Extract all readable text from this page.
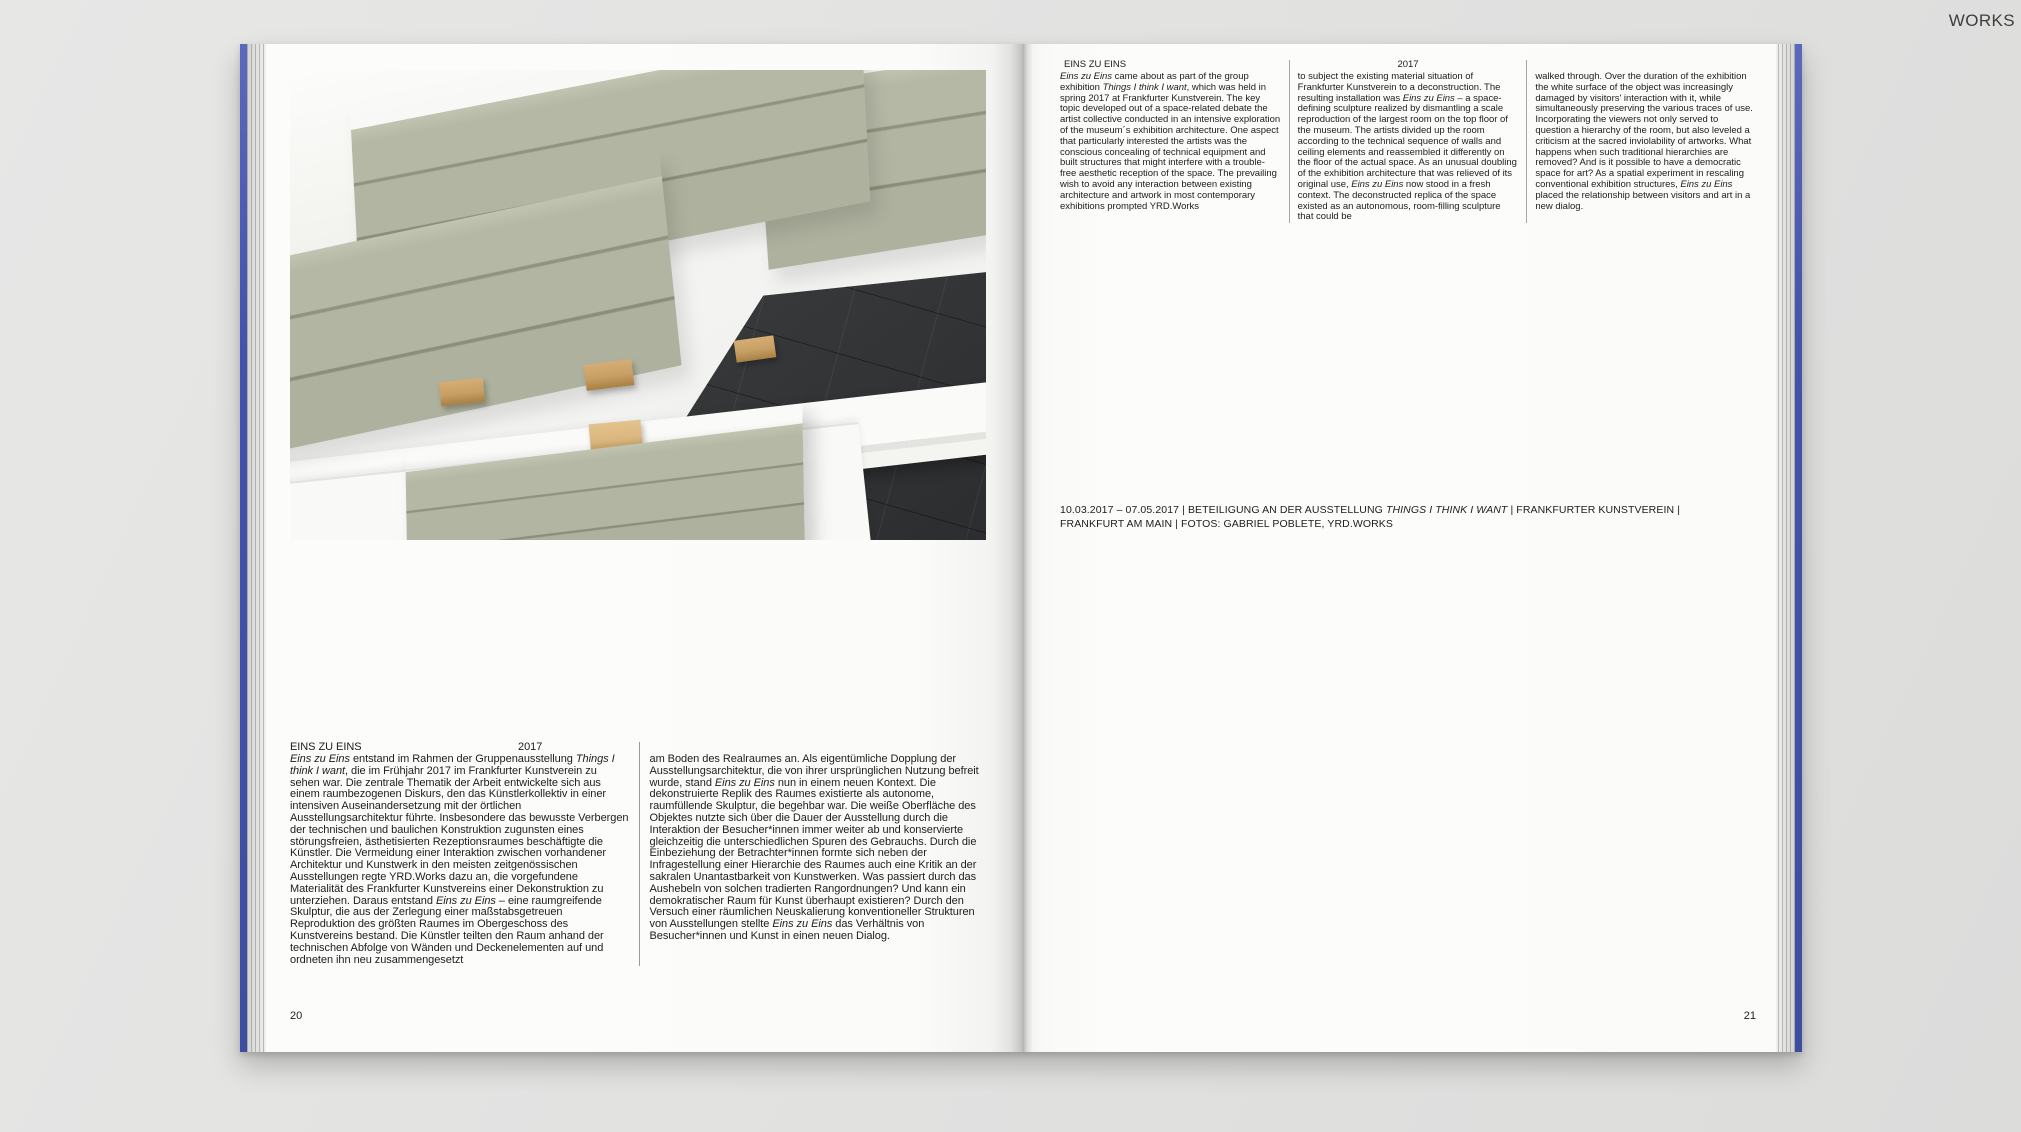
WORKS
EINS ZU EINS	2017
Eins zu Eins entstand im Rahmen der Gruppenausstellung Things I think I want, die im Frühjahr 2017 im Frankfurter Kunstverein zu sehen war. Die zentrale Thematik der Arbeit entwickelte sich aus einem raumbezogenen Diskurs, den das Künstlerkollektiv in einer intensiven Auseinandersetzung mit der örtlichen Ausstellungsarchitektur führte. Insbesondere das bewusste Verbergen der technischen und baulichen Konstruktion zugunsten eines störungsfreien, ästhetisierten Rezeptionsraumes beschäftigte die Künstler. Die Vermeidung einer Interaktion zwischen vorhandener Architektur und Kunstwerk in den meisten zeitgenössischen Ausstellungen regte YRD.Works dazu an, die vorgefundene Materialität des Frankfurter Kunstvereins einer Dekonstruktion zu unterziehen. Daraus entstand Eins zu Eins – eine raumgreifende Skulptur, die aus der Zerlegung einer maßstabsgetreuen Reproduktion des größten Raumes im Obergeschoss des Kunstvereins bestand. Die Künstler teilten den Raum anhand der technischen Abfolge von Wänden und Deckenelementen auf und ordneten ihn neu zusammengesetzt
am Boden des Realraumes an. Als eigentümliche Dopplung der Ausstellungsarchitektur, die von ihrer ursprünglichen Nutzung befreit wurde, stand Eins zu Eins nun in einem neuen Kontext. Die dekonstruierte Replik des Raumes existierte als autonome, raumfüllende Skulptur, die begehbar war. Die weiße Oberfläche des Objektes nutzte sich über die Dauer der Ausstellung durch die Interaktion der Besucher*innen immer weiter ab und konservierte gleichzeitig die unterschiedlichen Spuren des Gebrauchs. Durch die Einbeziehung der Betrachter*innen formte sich neben der Infragestellung einer Hierarchie des Raumes auch eine Kritik an der sakralen Unantastbarkeit von Kunstwerken. Was passiert durch das Aushebeln von solchen tradierten Rangordnungen? Und kann ein demokratischer Raum für Kunst überhaupt existieren? Durch den Versuch einer räumlichen Neuskalierung konventioneller Strukturen von Ausstellungen stellte Eins zu Eins das Verhältnis von Besucher*innen und Kunst in einen neuen Dialog.
20
EINS ZU EINS
Eins zu Eins came about as part of the group exhibition Things I think I want, which was held in spring 2017 at Frankfurter Kunstverein. The key topic developed out of a space-related debate the artist collective conducted in an intensive exploration of the museum´s exhibition architecture. One aspect that particularly interested the artists was the conscious concealing of technical equipment and built structures that might interfere with a trouble-free aesthetic reception of the space. The prevailing wish to avoid any interaction between existing architecture and artwork in most contemporary exhibitions prompted YRD.Works
2017
to subject the existing material situation of Frankfurter Kunstverein to a deconstruction. The resulting installation was Eins zu Eins – a space-defining sculpture realized by dismantling a scale reproduction of the largest room on the top floor of the museum. The artists divided up the room according to the technical sequence of walls and ceiling elements and reassembled it differently on the floor of the actual space. As an unusual doubling of the exhibition architecture that was relieved of its original use, Eins zu Eins now stood in a fresh context. The deconstructed replica of the space existed as an autonomous, room-filling sculpture that could be
walked through. Over the duration of the exhibition the white surface of the object was increasingly damaged by visitors' interaction with it, while simultaneously preserving the various traces of use. Incorporating the viewers not only served to question a hierarchy of the room, but also leveled a criticism at the sacred inviolability of artworks. What happens when such traditional hierarchies are removed? And is it possible to have a democratic space for art? As a spatial experiment in rescaling conventional exhibition structures, Eins zu Eins placed the relationship between visitors and art in a new dialog.
10.03.2017 – 07.05.2017 | BETEILIGUNG AN DER AUSSTELLUNG THINGS I THINK I WANT | FRANKFURTER KUNSTVEREIN | FRANKFURT AM MAIN | FOTOS: GABRIEL POBLETE, YRD.WORKS
21
